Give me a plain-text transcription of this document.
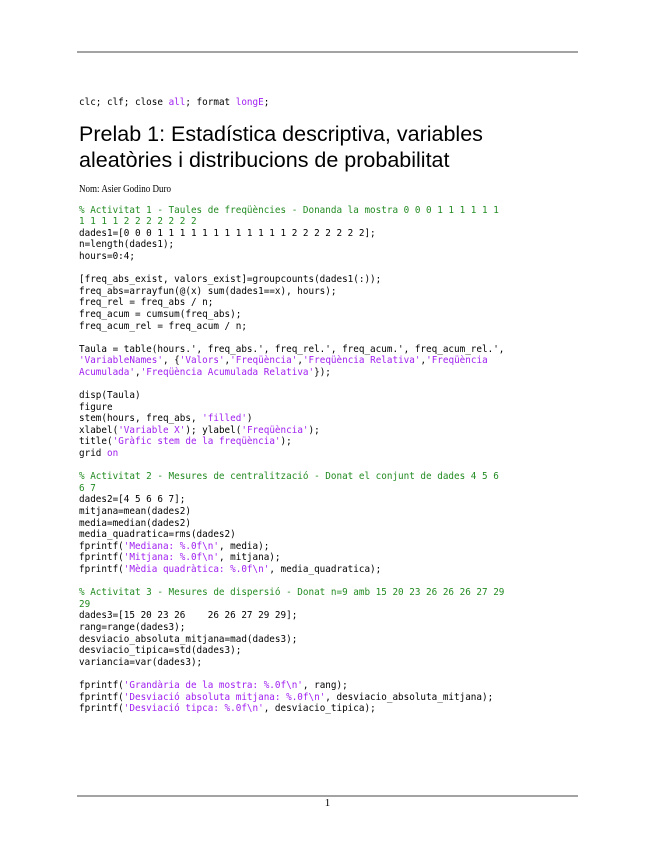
clc; clf; close all; format longE;
Prelab 1: Estadística descriptiva, variables aleatòries i distribucions de probabilitat
Nom: Asier Godino Duro
% Activitat 1 - Taules de freqüències - Donanda la mostra 0 0 0 1 1 1 1 1 1
1 1 1 1 2 2 2 2 2 2 2
dades1=[0 0 0 1 1 1 1 1 1 1 1 1 1 1 1 2 2 2 2 2 2 2];
n=length(dades1);
hours=0:4;
[freq_abs_exist, valors_exist]=groupcounts(dades1(:));
freq_abs=arrayfun(@(x) sum(dades1==x), hours);
freq_rel = freq_abs / n;
freq_acum = cumsum(freq_abs);
freq_acum_rel = freq_acum / n;
Taula = table(hours.', freq_abs.', freq_rel.', freq_acum.', freq_acum_rel.',
'VariableNames', {'Valors','Freqüència','Freqüència Relativa','Freqüència
Acumulada','Freqüència Acumulada Relativa'});
disp(Taula)
figure
stem(hours, freq_abs, 'filled')
xlabel('Variable X'); ylabel('Freqüència');
title('Gràfic stem de la freqüència');
grid on
% Activitat 2 - Mesures de centralització - Donat el conjunt de dades 4 5 6
6 7
dades2=[4 5 6 6 7];
mitjana=mean(dades2)
media=median(dades2)
media_quadratica=rms(dades2)
fprintf('Mediana: %.0f\n', media);
fprintf('Mitjana: %.0f\n', mitjana);
fprintf('Mèdia quadràtica: %.0f\n', media_quadratica);
% Activitat 3 - Mesures de dispersió - Donat n=9 amb 15 20 23 26 26 26 27 29
29
dades3=[15 20 23 26    26 26 27 29 29];
rang=range(dades3);
desviacio_absoluta_mitjana=mad(dades3);
desviacio_tipica=std(dades3);
variancia=var(dades3);
fprintf('Grandària de la mostra: %.0f\n', rang);
fprintf('Desviació absoluta mitjana: %.0f\n', desviacio_absoluta_mitjana);
fprintf('Desviació tipca: %.0f\n', desviacio_tipica);
1
